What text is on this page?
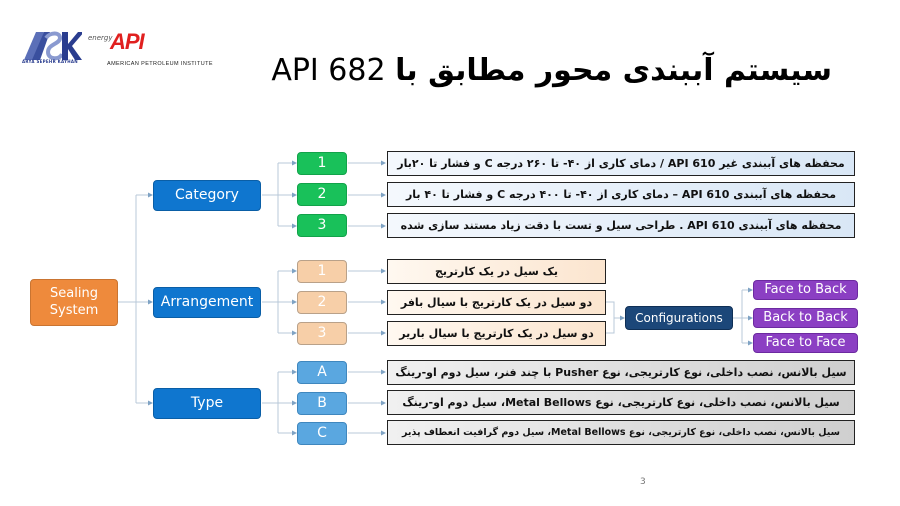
ARYA SEPEHR KAYHAN
energy
API
AMERICAN PETROLEUM INSTITUTE API 682 سیستم آببندی محور مطابق با
Sealing
System
Category
Arrangement
Type
1
2
3
محفظه های آببندی غیر API 610 / دمای کاری از ۴۰- تا ۲۶۰ درجه C و فشار تا ۲۰بار
محفظه های آببندی API 610 – دمای کاری از ۴۰- تا ۴۰۰ درجه C و فشار تا ۴۰ بار
محفظه های آببندی API 610 . طراحی سیل و تست با دقت زیاد مستند سازی شده
1
2
3
یک سیل در یک کارتریج
دو سیل در یک کارتریج با سیال بافر
دو سیل در یک کارتریج با سیال باریر
Configurations
Face to Back
Back to Back
Face to Face
A
B
C
سیل بالانس، نصب داخلی، نوع کارتریجی، نوع Pusher با چند فنر، سیل دوم او-رینگ
سیل بالانس، نصب داخلی، نوع کارتریجی، نوع Metal Bellows، سیل دوم او-رینگ
سیل بالانس، نصب داخلی، نوع کارتریجی، نوع Metal Bellows، سیل دوم گرافیت انعطاف پذیر
3
